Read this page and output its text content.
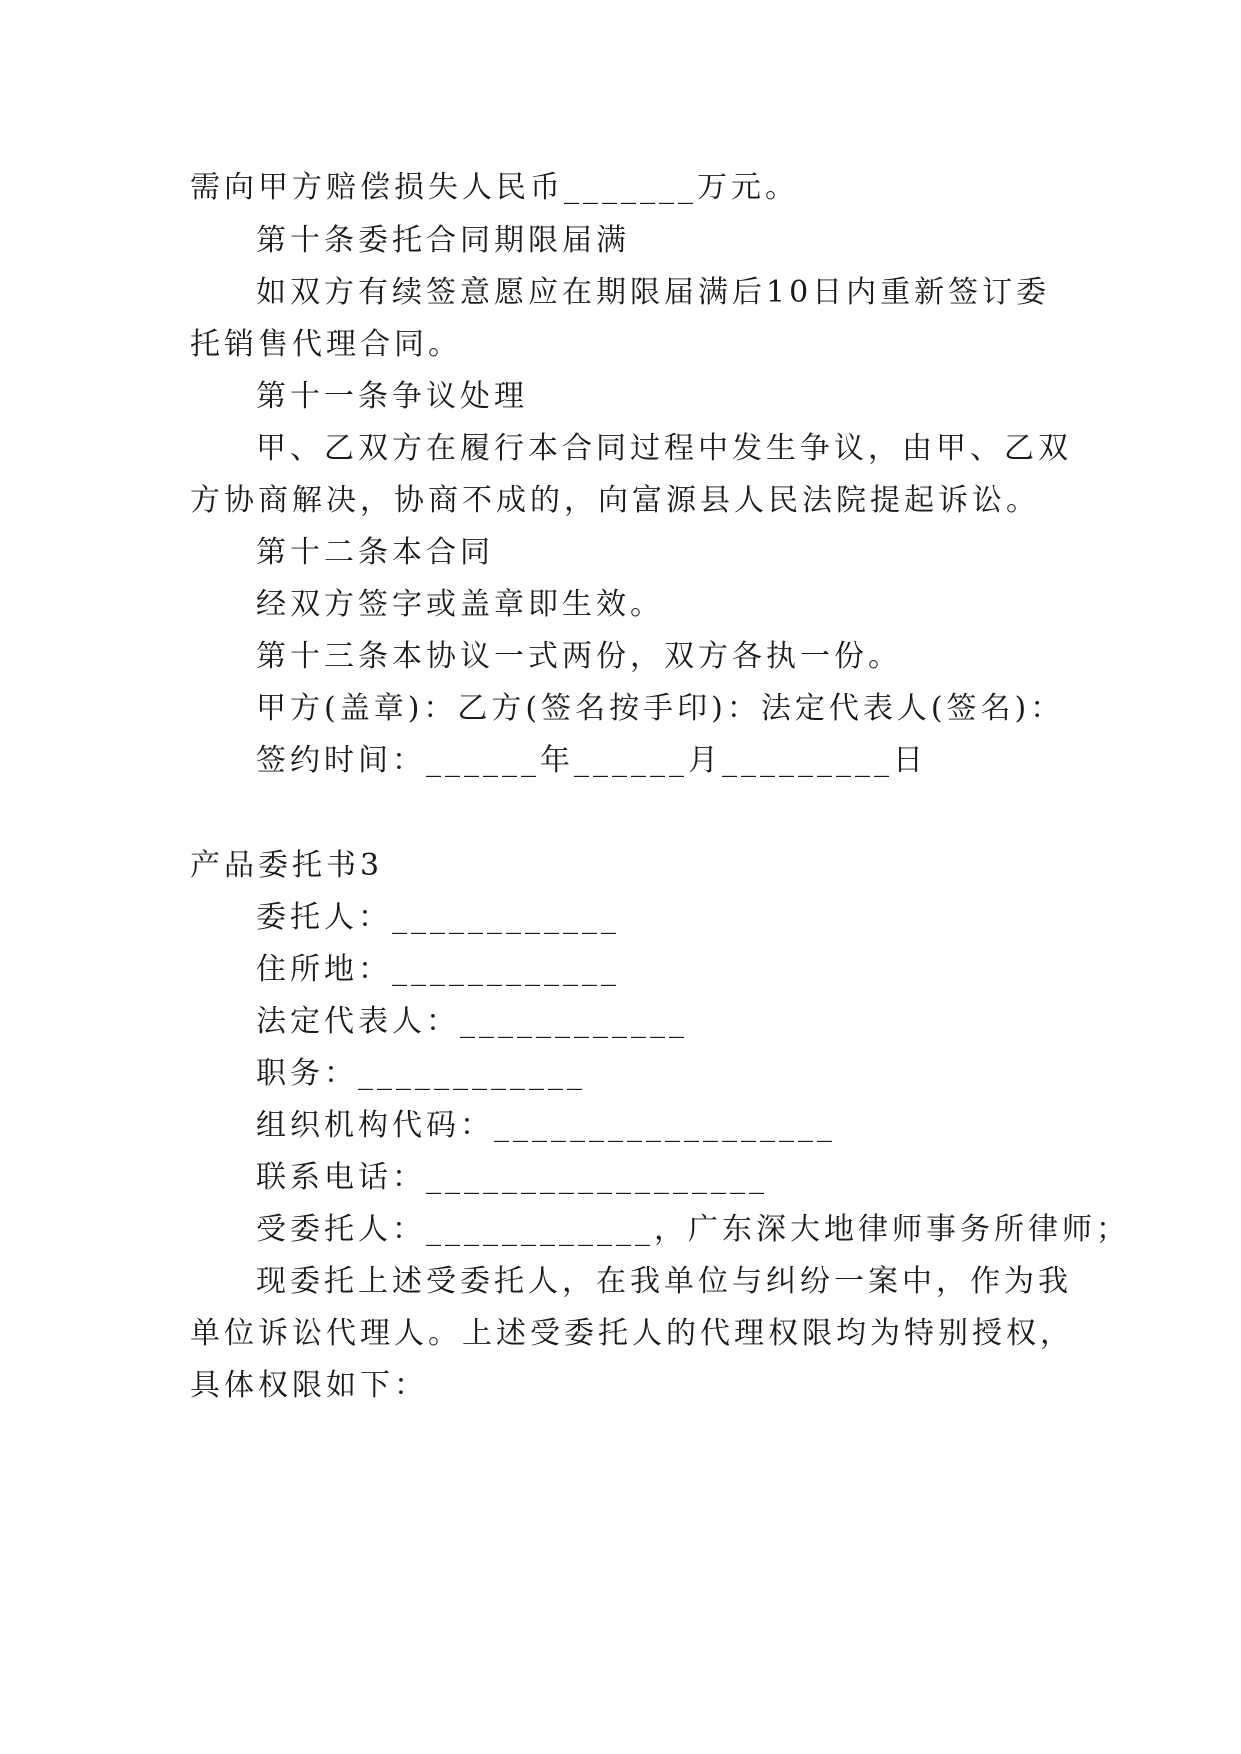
需向甲方赔偿损失人民币_______万元。

第十条委托合同期限届满

如双方有续签意愿应在期限届满后10日内重新签订委

托销售代理合同。

第十一条争议处理

甲、乙双方在履行本合同过程中发生争议，由甲、乙双

方协商解决，协商不成的，向富源县人民法院提起诉讼。

第十二条本合同

经双方签字或盖章即生效。

第十三条本协议一式两份，双方各执一份。

甲方(盖章)：乙方(签名按手印)：法定代表人(签名)：

签约时间：______年______月_________日

产品委托书3

委托人：____________

住所地：____________

法定代表人：____________

职务：____________

组织机构代码：__________________

联系电话：__________________

受委托人：____________，广东深大地律师事务所律师；

现委托上述受委托人，在我单位与纠纷一案中，作为我

单位诉讼代理人。上述受委托人的代理权限均为特别授权，

具体权限如下：
